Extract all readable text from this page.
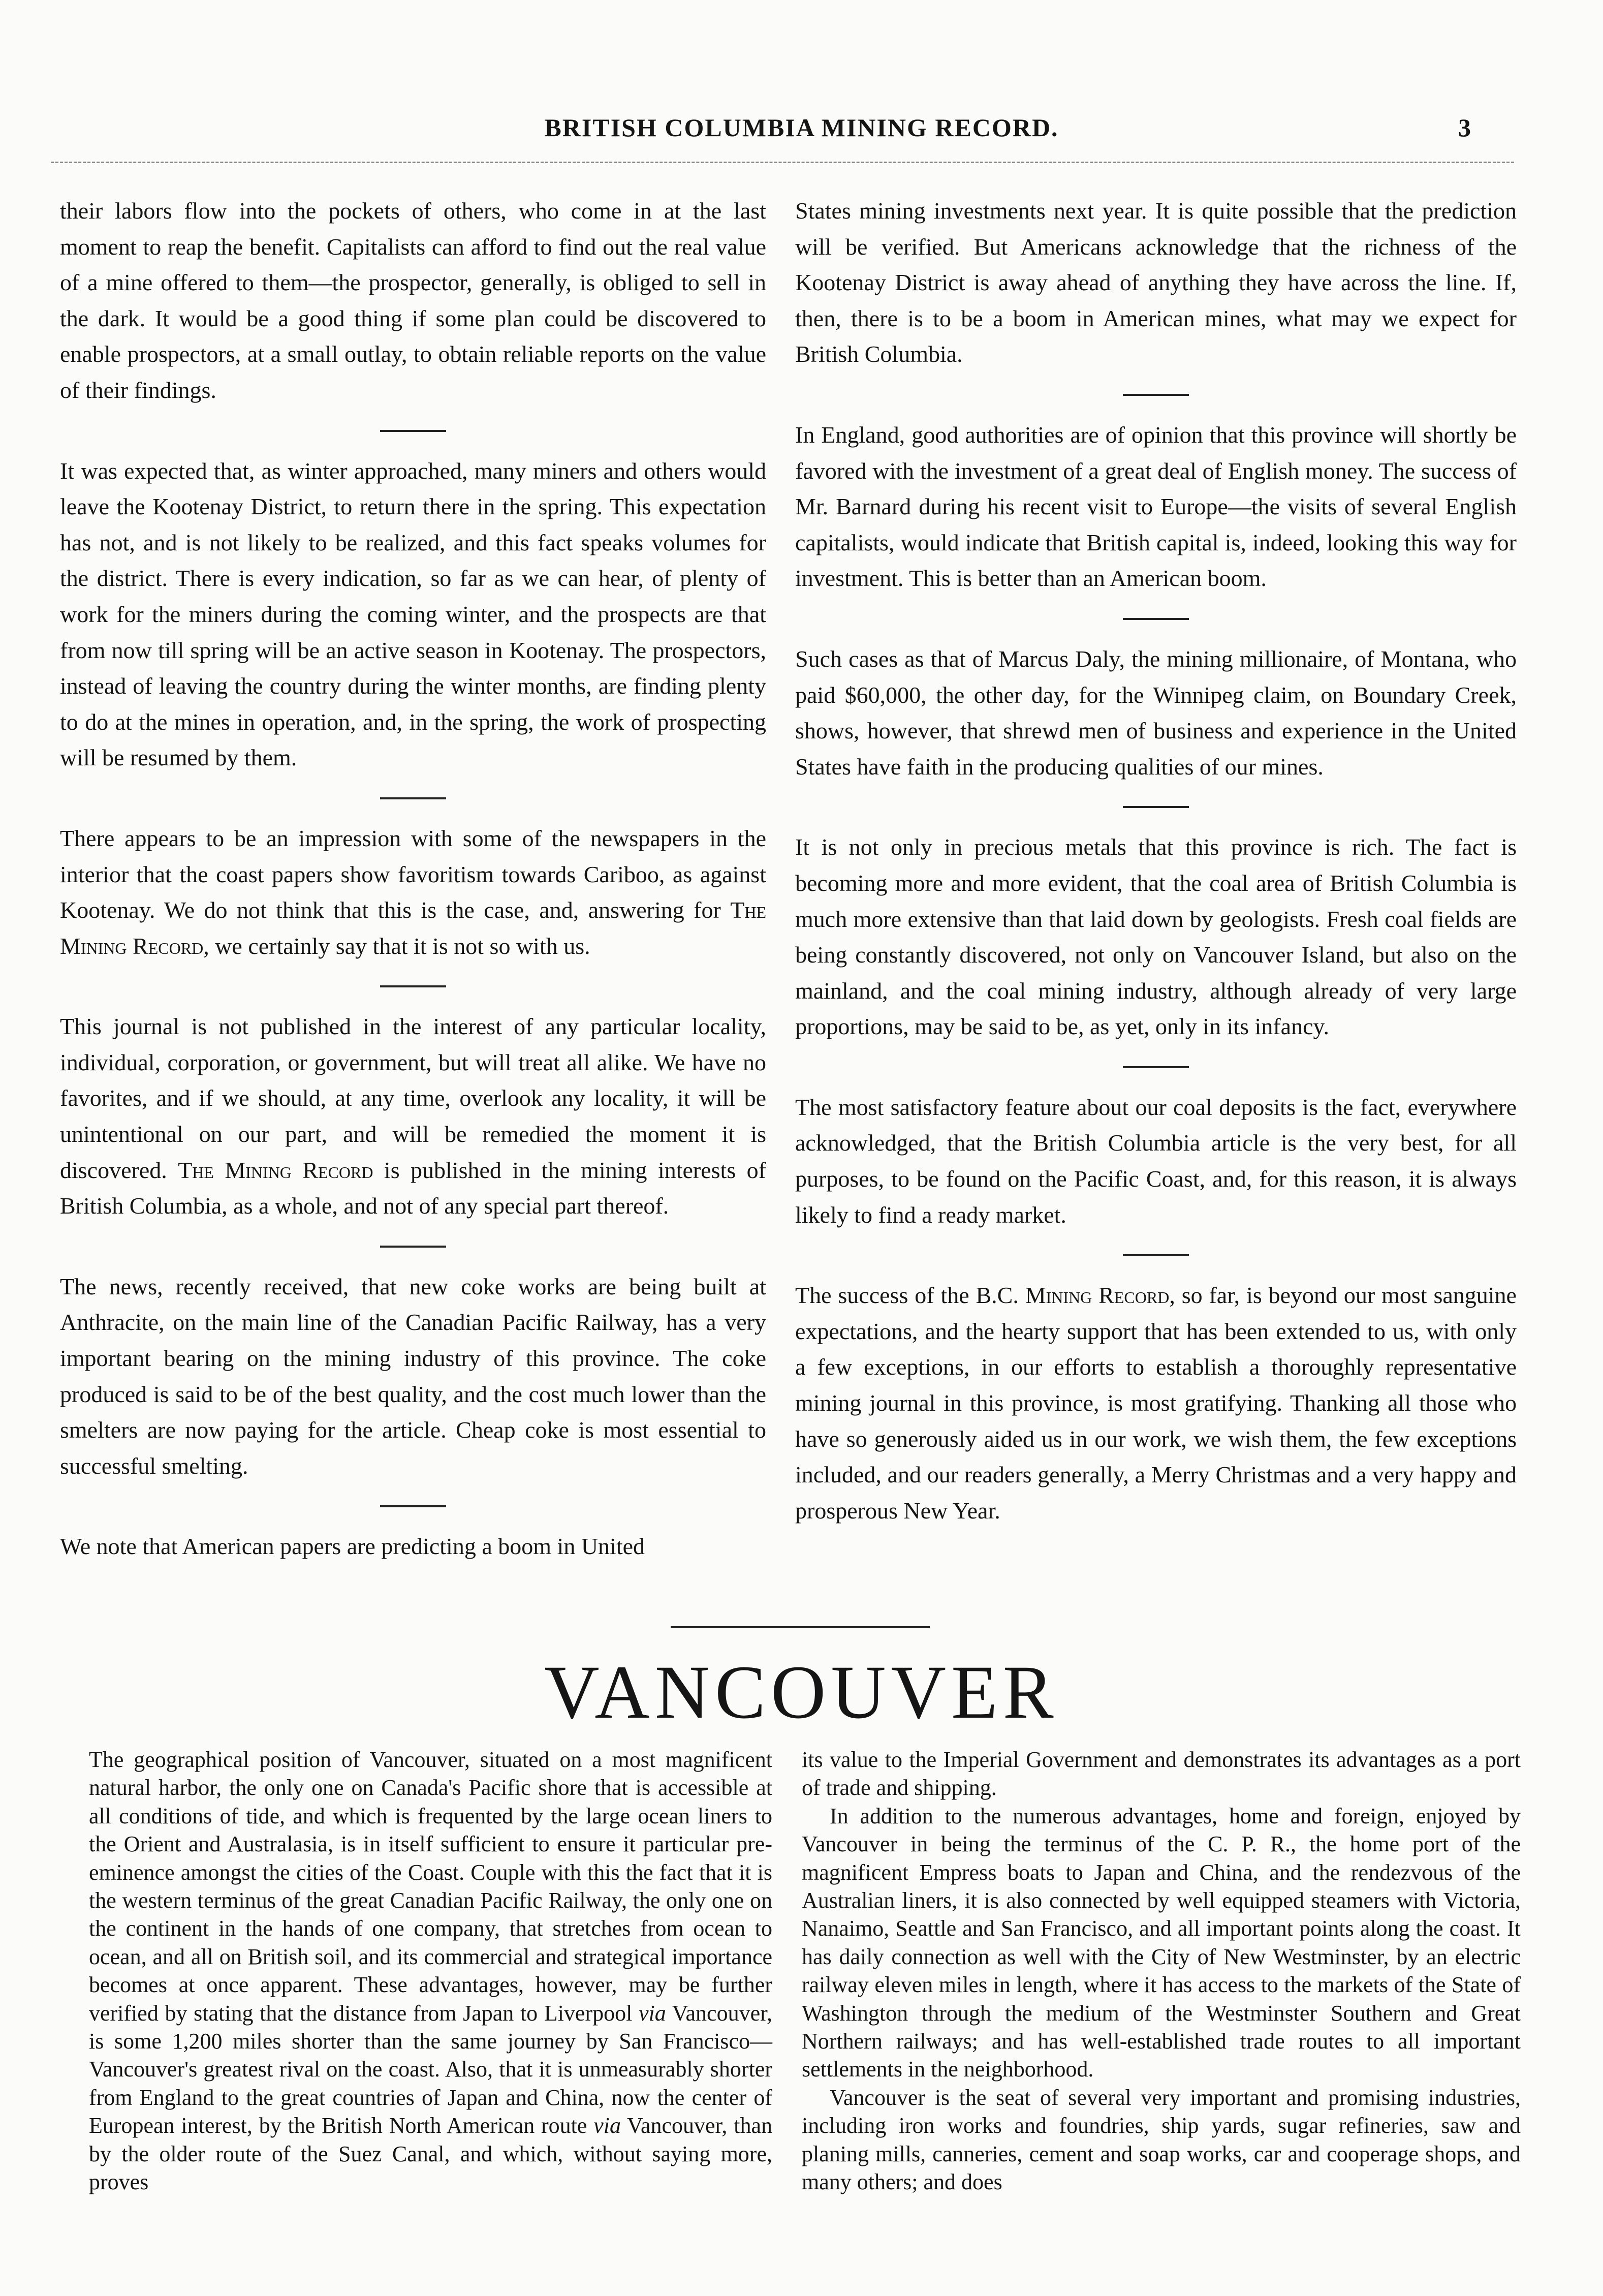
BRITISH COLUMBIA MINING RECORD.	3

their labors flow into the pockets of others, who come in at the last moment to reap the benefit. Capitalists can afford to find out the real value of a mine offered to them—the prospector, generally, is obliged to sell in the dark. It would be a good thing if some plan could be discovered to enable prospectors, at a small outlay, to obtain reliable reports on the value of their findings.

It was expected that, as winter approached, many miners and others would leave the Kootenay District, to return there in the spring. This expectation has not, and is not likely to be realized, and this fact speaks volumes for the district. There is every indication, so far as we can hear, of plenty of work for the miners during the coming winter, and the prospects are that from now till spring will be an active season in Kootenay. The prospectors, instead of leaving the country during the winter months, are finding plenty to do at the mines in operation, and, in the spring, the work of prospecting will be resumed by them.

There appears to be an impression with some of the newspapers in the interior that the coast papers show favoritism towards Cariboo, as against Kootenay. We do not think that this is the case, and, answering for The Mining Record, we certainly say that it is not so with us.

This journal is not published in the interest of any particular locality, individual, corporation, or government, but will treat all alike. We have no favorites, and if we should, at any time, overlook any locality, it will be unintentional on our part, and will be remedied the moment it is discovered. The Mining Record is published in the mining interests of British Columbia, as a whole, and not of any special part thereof.

The news, recently received, that new coke works are being built at Anthracite, on the main line of the Canadian Pacific Railway, has a very important bearing on the mining industry of this province. The coke produced is said to be of the best quality, and the cost much lower than the smelters are now paying for the article. Cheap coke is most essential to successful smelting.

We note that American papers are predicting a boom in United

States mining investments next year. It is quite possible that the prediction will be verified. But Americans acknowledge that the richness of the Kootenay District is away ahead of anything they have across the line. If, then, there is to be a boom in American mines, what may we expect for British Columbia.

In England, good authorities are of opinion that this province will shortly be favored with the investment of a great deal of English money. The success of Mr. Barnard during his recent visit to Europe—the visits of several English capitalists, would indicate that British capital is, indeed, looking this way for investment. This is better than an American boom.

Such cases as that of Marcus Daly, the mining millionaire, of Montana, who paid $60,000, the other day, for the Winnipeg claim, on Boundary Creek, shows, however, that shrewd men of business and experience in the United States have faith in the producing qualities of our mines.

It is not only in precious metals that this province is rich. The fact is becoming more and more evident, that the coal area of British Columbia is much more extensive than that laid down by geologists. Fresh coal fields are being constantly discovered, not only on Vancouver Island, but also on the mainland, and the coal mining industry, although already of very large proportions, may be said to be, as yet, only in its infancy.

The most satisfactory feature about our coal deposits is the fact, everywhere acknowledged, that the British Columbia article is the very best, for all purposes, to be found on the Pacific Coast, and, for this reason, it is always likely to find a ready market.

The success of the B.C. Mining Record, so far, is beyond our most sanguine expectations, and the hearty support that has been extended to us, with only a few exceptions, in our efforts to establish a thoroughly representative mining journal in this province, is most gratifying. Thanking all those who have so generously aided us in our work, we wish them, the few exceptions included, and our readers generally, a Merry Christmas and a very happy and prosperous New Year.

VANCOUVER

The geographical position of Vancouver, situated on a most magnificent natural harbor, the only one on Canada's Pacific shore that is accessible at all conditions of tide, and which is frequented by the large ocean liners to the Orient and Australasia, is in itself sufficient to ensure it particular pre-eminence amongst the cities of the Coast. Couple with this the fact that it is the western terminus of the great Canadian Pacific Railway, the only one on the continent in the hands of one company, that stretches from ocean to ocean, and all on British soil, and its commercial and strategical importance becomes at once apparent. These advantages, however, may be further verified by stating that the distance from Japan to Liverpool via Vancouver, is some 1,200 miles shorter than the same journey by San Francisco—Vancouver's greatest rival on the coast. Also, that it is unmeasurably shorter from England to the great countries of Japan and China, now the center of European interest, by the British North American route via Vancouver, than by the older route of the Suez Canal, and which, without saying more, proves

its value to the Imperial Government and demonstrates its advantages as a port of trade and shipping.

In addition to the numerous advantages, home and foreign, enjoyed by Vancouver in being the terminus of the C. P. R., the home port of the magnificent Empress boats to Japan and China, and the rendezvous of the Australian liners, it is also connected by well equipped steamers with Victoria, Nanaimo, Seattle and San Francisco, and all important points along the coast. It has daily connection as well with the City of New Westminster, by an electric railway eleven miles in length, where it has access to the markets of the State of Washington through the medium of the Westminster Southern and Great Northern railways; and has well-established trade routes to all important settlements in the neighborhood.

Vancouver is the seat of several very important and promising industries, including iron works and foundries, ship yards, sugar refineries, saw and planing mills, canneries, cement and soap works, car and cooperage shops, and many others; and does
